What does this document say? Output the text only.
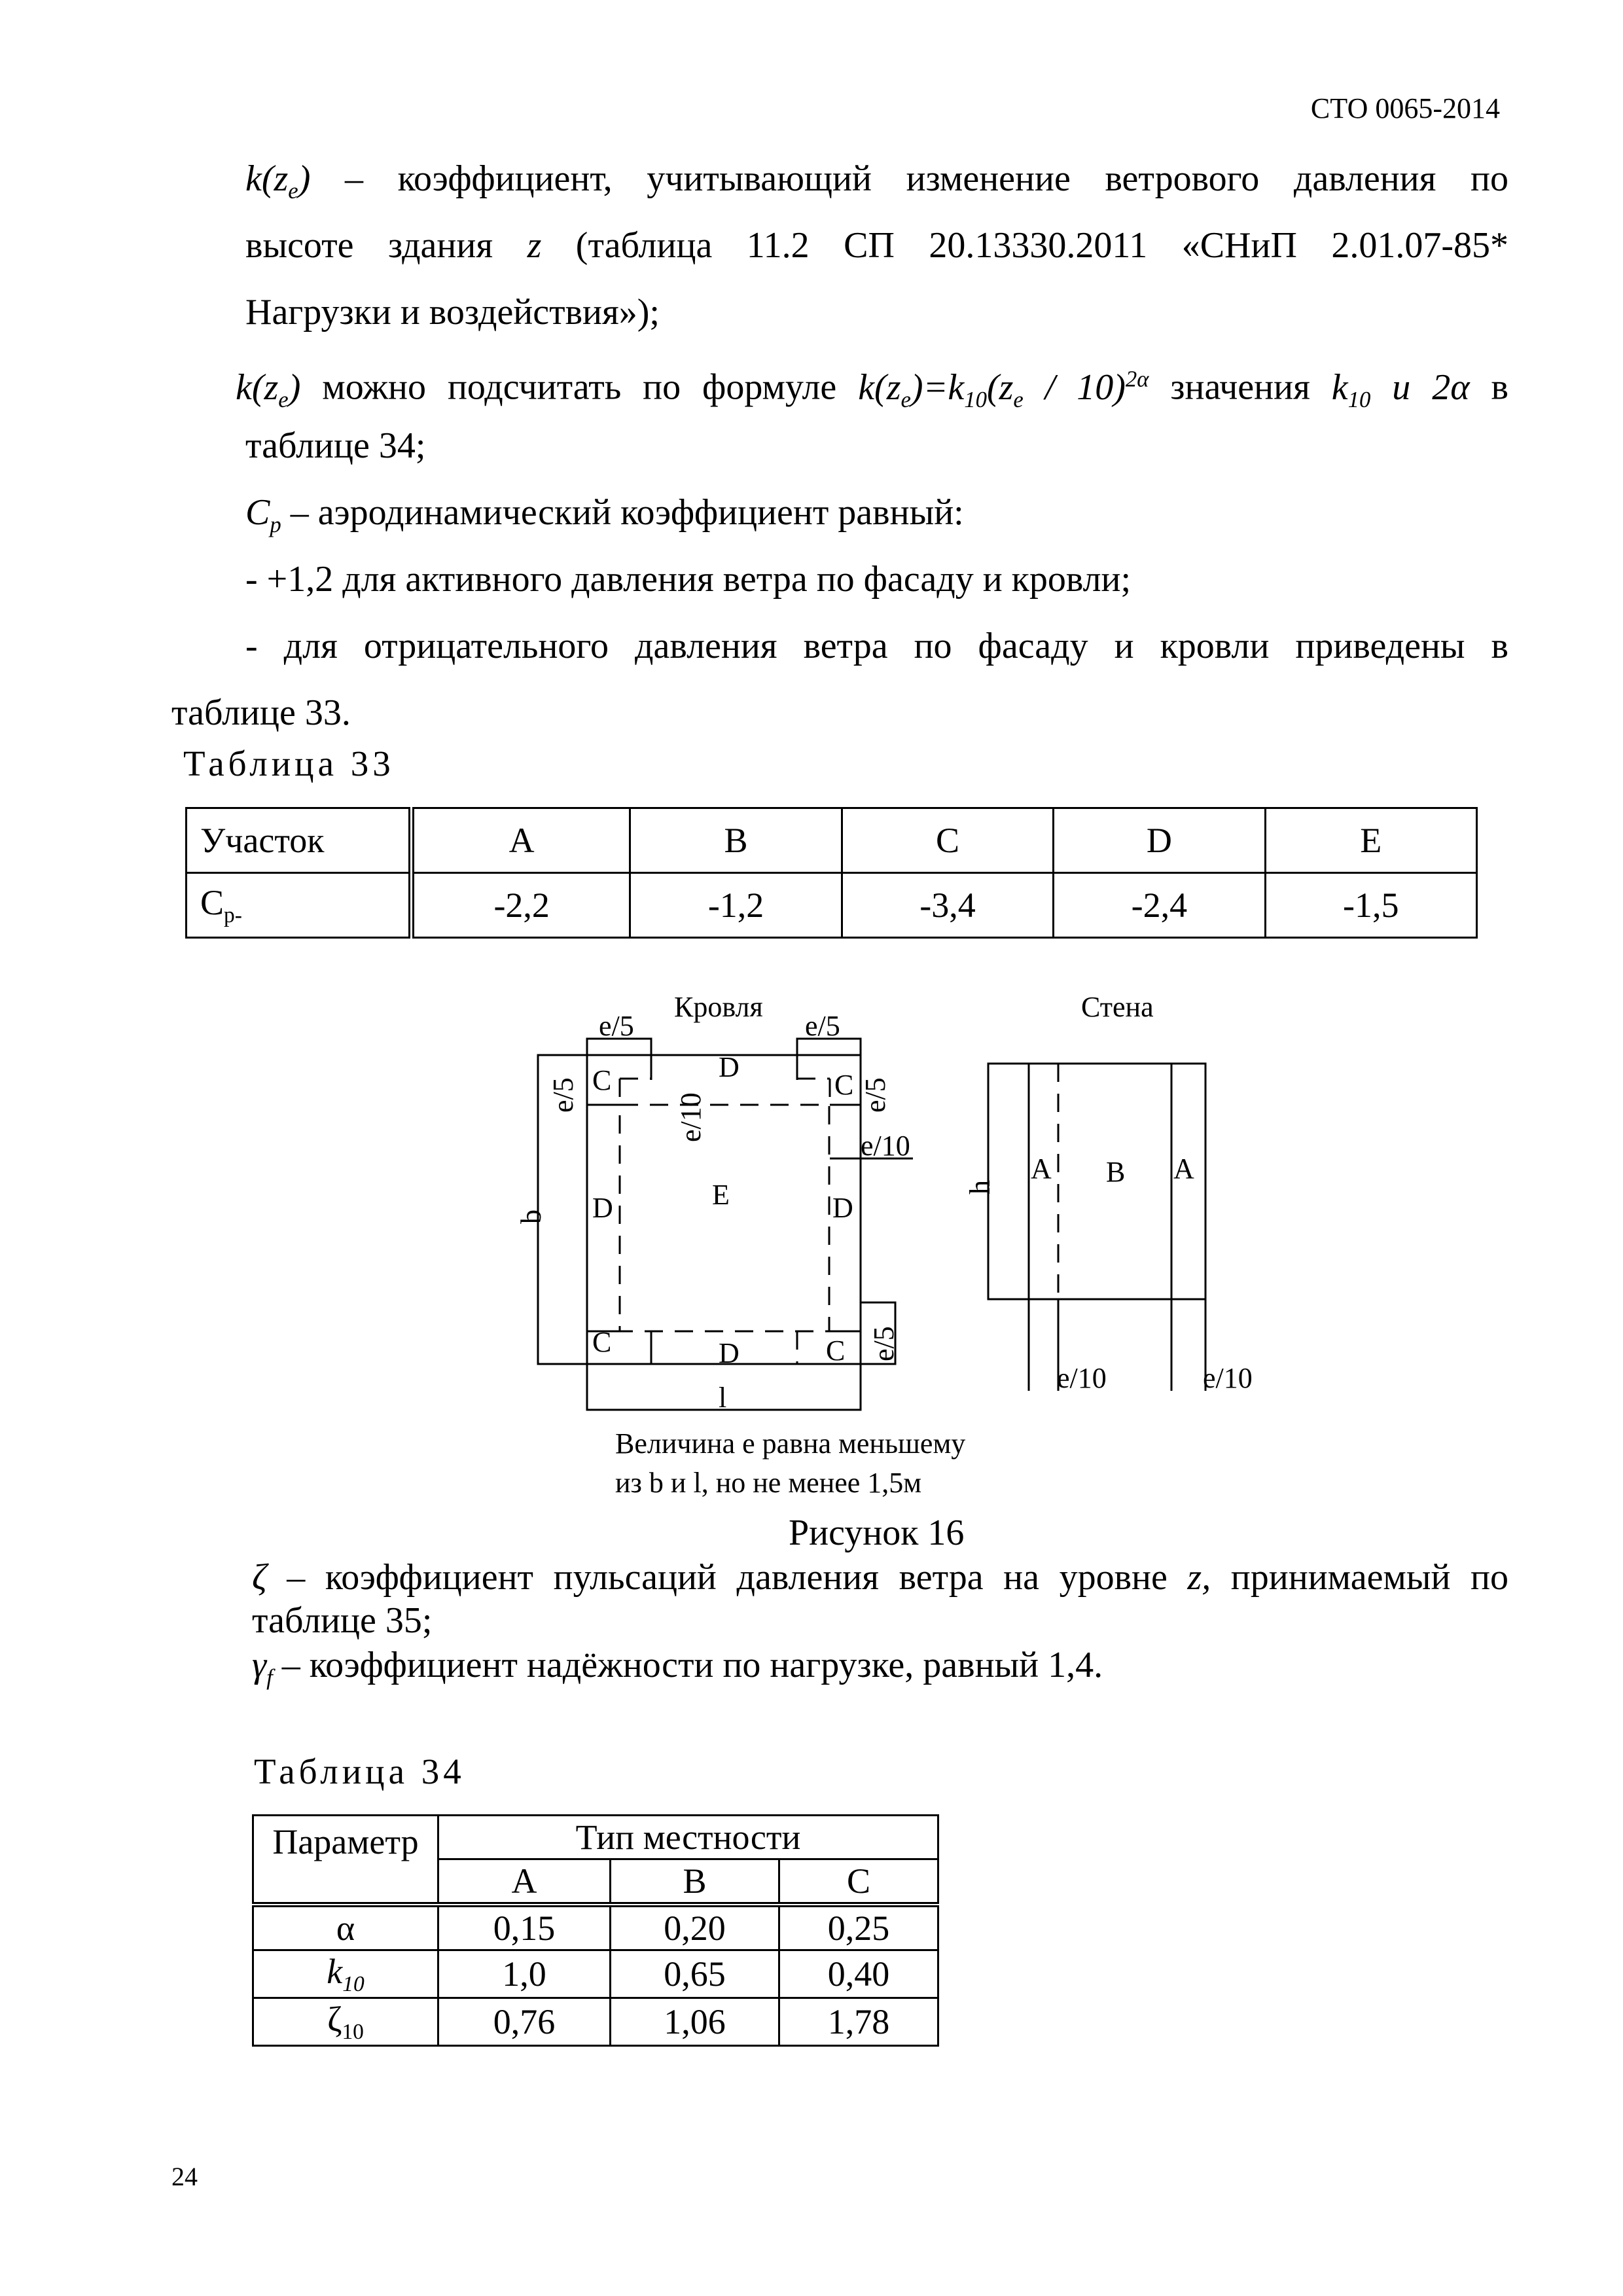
СТО 0065-2014
$k(z_e)$ – коэффициент, учитывающий изменение ветрового давления по
высоте здания z (таблица 11.2 СП 20.13330.2011 «СНиП 2.01.07-85*
Нагрузки и воздействия»);
$k(z_e)$ можно подсчитать по формуле $k(z_e)=k_{10}(z_e / 10)^{2\alpha}$ значения $k_{10}$ и 2α в
таблице 34;
$C_p$ – аэродинамический коэффициент равный:
- +1,2 для активного давления ветра по фасаду и кровли;
- для отрицательного давления ветра по фасаду и кровли приведены в
таблице 33.
Таблица 33
Участок	A	B	C	D	E
$C_{p-}$	-2,2	-1,2	-3,4	-2,4	-1,5
Кровля
e/5	e/5
e/5	e/5
e/10
e/10
e/5
b
l
C	C
D
D	D
E
C	D	C
Стена
h
A B A
e/10	e/10
Величина е равна меньшему
из b и l, но не менее 1,5м
Рисунок 16
ζ – коэффициент пульсаций давления ветра на уровне z, принимаемый по
таблице 35;
$\gamma_f$ – коэффициент надёжности по нагрузке, равный 1,4.
Таблица 34
Параметр	Тип местности		
	A	B	C
α	0,15	0,20	0,25
$k_{10}$	1,0	0,65	0,40
$\zeta_{10}$	0,76	1,06	1,78
24
